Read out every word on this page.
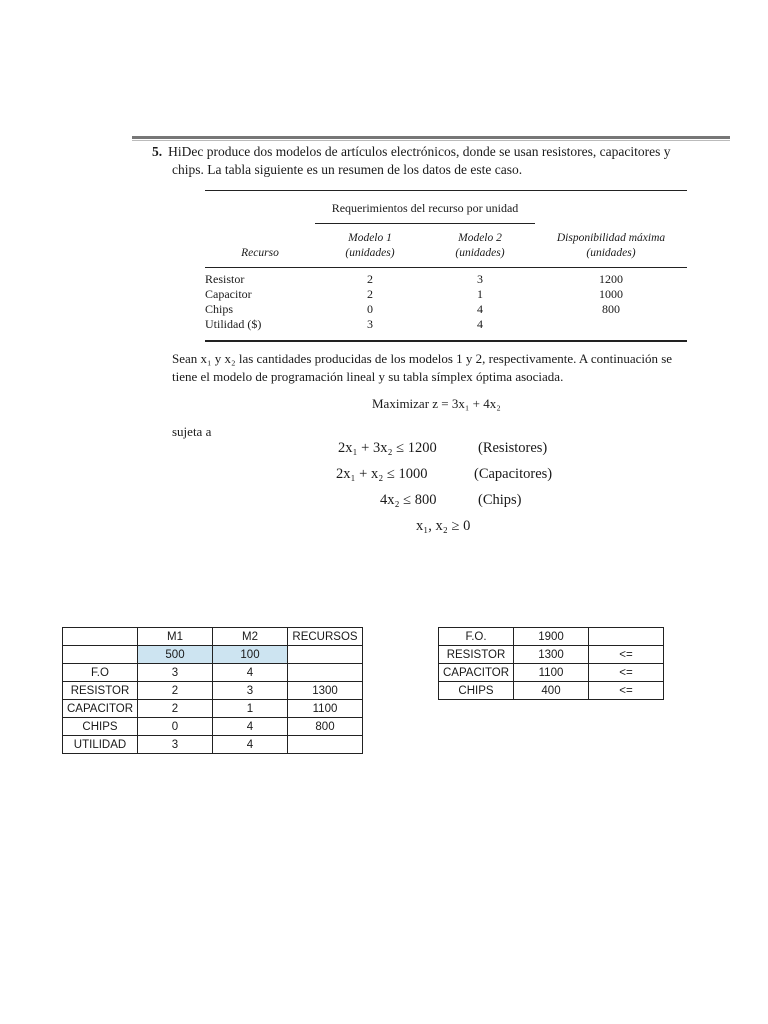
5. HiDec produce dos modelos de artículos electrónicos, donde se usan resistores, capacitores y
chips. La tabla siguiente es un resumen de los datos de este caso.
Requerimientos del recurso por unidad
	Modelo 1	Modelo 2	Disponibilidad máxima
Recurso	(unidades)	(unidades)	(unidades)
Resistor	2	3	1200
Capacitor	2	1	1000
Chips	0	4	800
Utilidad ($)	3	4	
Sean x₁ y x₂ las cantidades producidas de los modelos 1 y 2, respectivamente. A continuación se
tiene el modelo de programación lineal y su tabla símplex óptima asociada.
Maximizar z = 3x₁ + 4x₂
sujeta a
2x₁ + 3x₂ ≤ 1200	(Resistores)
2x₁ + x₂ ≤ 1000	(Capacitores)
4x₂ ≤ 800	(Chips)
x₁, x₂ ≥ 0
	M1	M2	RECURSOS
	500	100	
F.O	3	4	
RESISTOR	2	3	1300
CAPACITOR	2	1	1100
CHIPS	0	4	800
UTILIDAD	3	4	
F.O.	1900	
RESISTOR	1300	<=
CAPACITOR	1100	<=
CHIPS	400	<=
